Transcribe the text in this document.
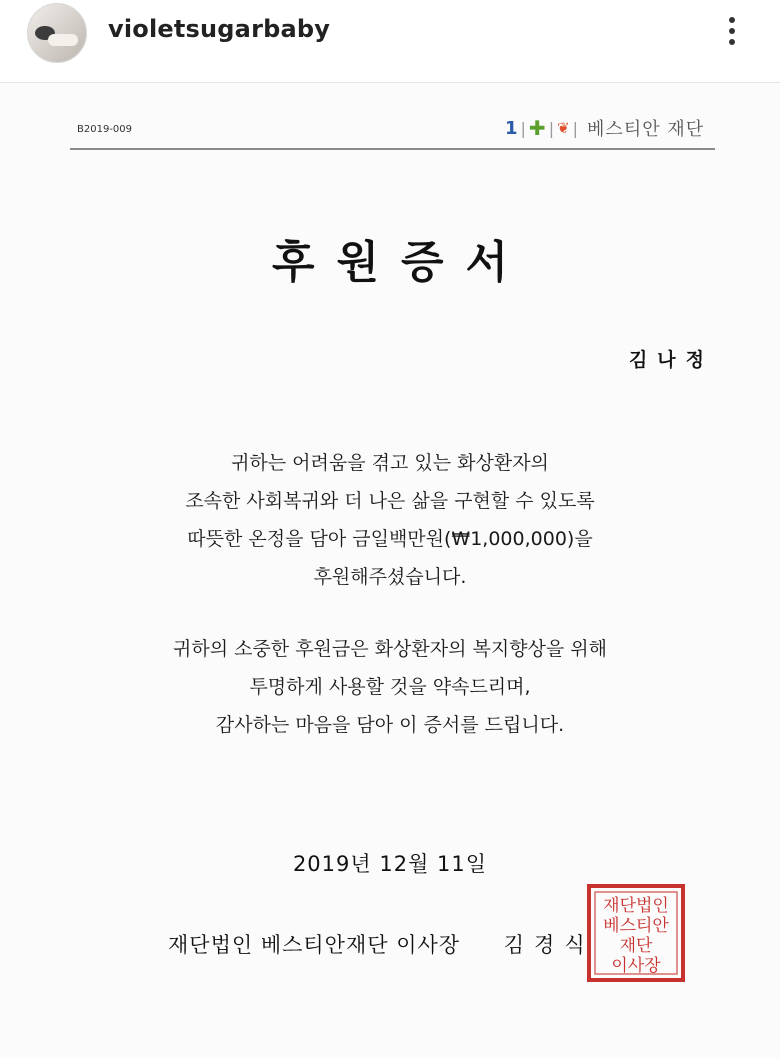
violetsugarbaby
B2019-009	1 | ✚ | ❦ | 베스티안 재단
후원증서
김나정
귀하는 어려움을 겪고 있는 화상환자의
조속한 사회복귀와 더 나은 삶을 구현할 수 있도록
따뜻한 온정을 담아 금일백만원(₩1,000,000)을
후원해주셨습니다.
귀하의 소중한 후원금은 화상환자의 복지향상을 위해
투명하게 사용할 것을 약속드리며,
감사하는 마음을 담아 이 증서를 드립니다.
2019년 12월 11일
재단법인 베스티안재단 이사장 김경식
재단법인
베스티안
재단
이사장
